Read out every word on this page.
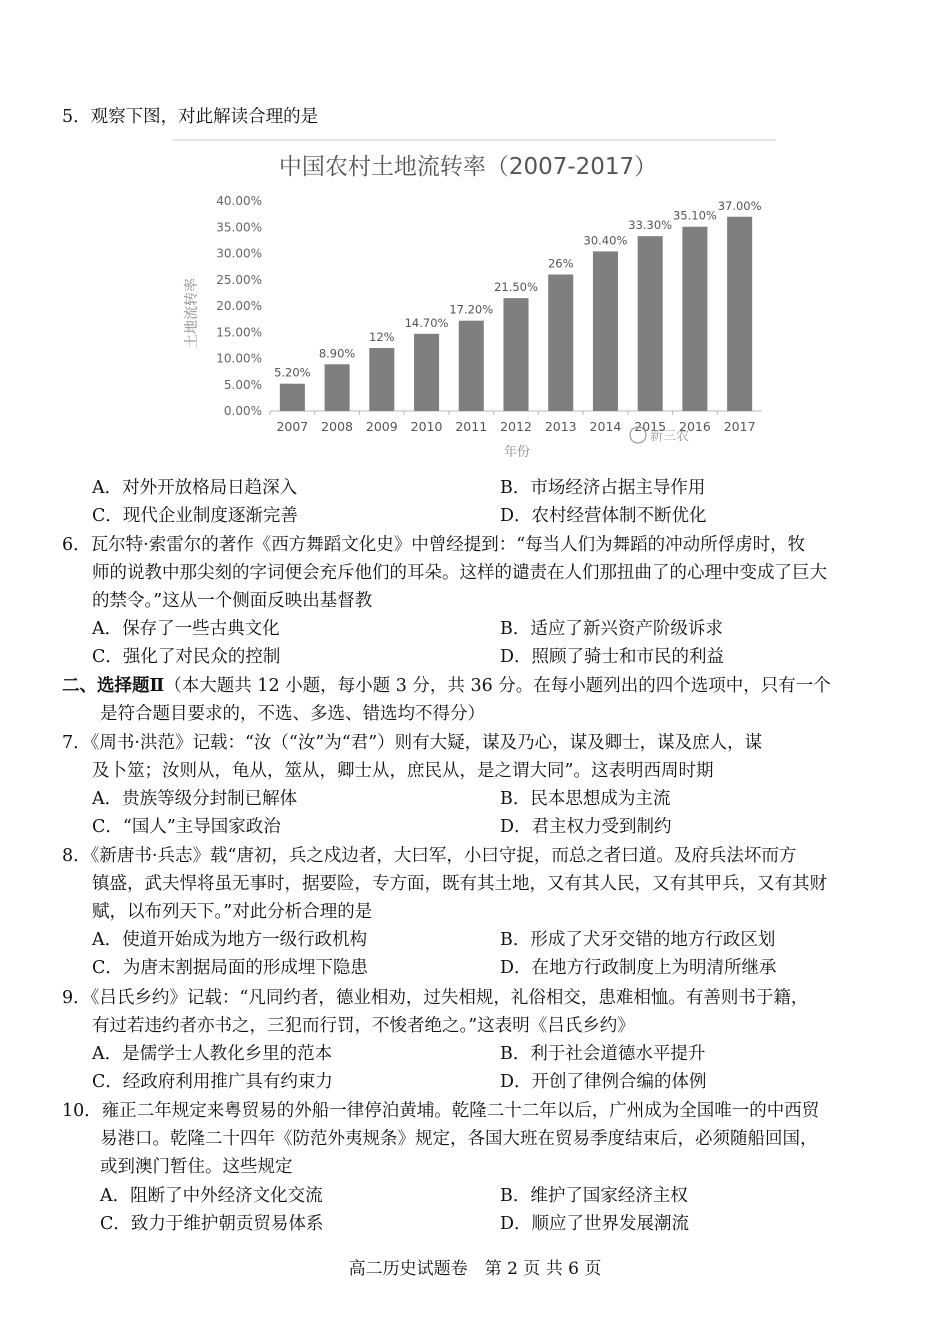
5．观察下图，对此解读合理的是
中国农村土地流转率（2007-2017）
0.00%
5.00%
10.00%
15.00%
20.00%
25.00%
30.00%
35.00%
40.00%
2007 2008 2009 2010 2011 2012 2013 2014 2015 2016 2017
5.20%
8.90%
12%
14.70%
17.20%
21.50%
26%
30.40%
33.30%
35.10%
37.00%
土地流转率
年份
新三农
A．对外开放格局日趋深入	B．市场经济占据主导作用
C．现代企业制度逐渐完善	D．农村经营体制不断优化
6．瓦尔特·索雷尔的著作《西方舞蹈文化史》中曾经提到：“每当人们为舞蹈的冲动所俘虏时，牧
师的说教中那尖刻的字词便会充斥他们的耳朵。这样的谴责在人们那扭曲了的心理中变成了巨大
的禁令。”这从一个侧面反映出基督教
A．保存了一些古典文化	B．适应了新兴资产阶级诉求
C．强化了对民众的控制	D．照顾了骑士和市民的利益
二、选择题Ⅱ（本大题共 12 小题，每小题 3 分，共 36 分。在每小题列出的四个选项中，只有一个
是符合题目要求的，不选、多选、错选均不得分）
7．《周书·洪范》记载：“汝（“汝”为“君”）则有大疑，谋及乃心，谋及卿士，谋及庶人，谋
及卜筮；汝则从，龟从，筮从，卿士从，庶民从，是之谓大同”。这表明西周时期
A．贵族等级分封制已解体	B．民本思想成为主流
C．“国人”主导国家政治	D．君主权力受到制约
8．《新唐书·兵志》载“唐初，兵之戍边者，大曰军，小曰守捉，而总之者曰道。及府兵法坏而方
镇盛，武夫悍将虽无事时，据要险，专方面，既有其土地，又有其人民，又有其甲兵，又有其财
赋，以布列天下。”对此分析合理的是
A．使道开始成为地方一级行政机构	B．形成了犬牙交错的地方行政区划
C．为唐末割据局面的形成埋下隐患	D．在地方行政制度上为明清所继承
9．《吕氏乡约》记载：“凡同约者，德业相劝，过失相规，礼俗相交，患难相恤。有善则书于籍，
有过若违约者亦书之，三犯而行罚，不悛者绝之。”这表明《吕氏乡约》
A．是儒学士人教化乡里的范本	B．利于社会道德水平提升
C．经政府利用推广具有约束力	D．开创了律例合编的体例
10．雍正二年规定来粤贸易的外船一律停泊黄埔。乾隆二十二年以后，广州成为全国唯一的中西贸
易港口。乾隆二十四年《防范外夷规条》规定，各国大班在贸易季度结束后，必须随船回国，
或到澳门暂住。这些规定
A．阻断了中外经济文化交流	B．维护了国家经济主权
C．致力于维护朝贡贸易体系	D．顺应了世界发展潮流
高二历史试题卷　第 2 页 共 6 页
